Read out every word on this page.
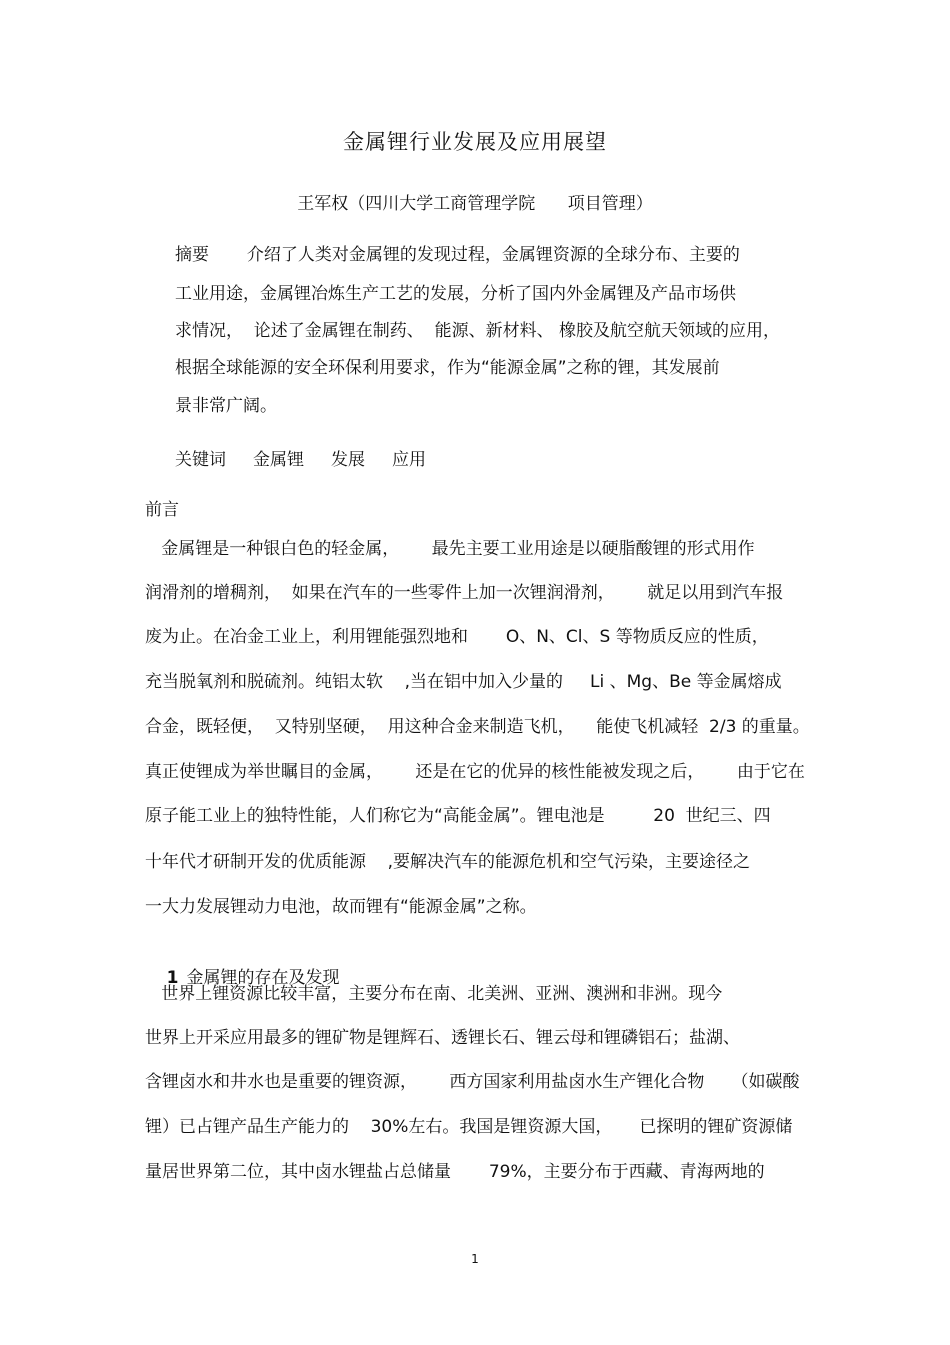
金属锂行业发展及应用展望
王军权（四川大学工商管理学院      项目管理）
摘要       介绍了人类对金属锂的发现过程，金属锂资源的全球分布、主要的
工业用途，金属锂冶炼生产工艺的发展，分析了国内外金属锂及产品市场供
求情况，  论述了金属锂在制药、  能源、新材料、 橡胶及航空航天领域的应用，
根据全球能源的安全环保利用要求，作为“能源金属”之称的锂，其发展前
景非常广阔。
关键词     金属锂     发展     应用
前言
金属锂是一种银白色的轻金属，      最先主要工业用途是以硬脂酸锂的形式用作
润滑剂的增稠剂，  如果在汽车的一些零件上加一次锂润滑剂，      就足以用到汽车报
废为止。在冶金工业上，利用锂能强烈地和       O、N、Cl、S 等物质反应的性质，
充当脱氧剂和脱硫剂。纯铝太软    ,当在铝中加入少量的     Li 、Mg、Be 等金属熔成
合金，既轻便，  又特别坚硬，  用这种合金来制造飞机，    能使飞机减轻  2/3 的重量。
真正使锂成为举世瞩目的金属，      还是在它的优异的核性能被发现之后，      由于它在
原子能工业上的独特性能，人们称它为“高能金属”。锂电池是         20  世纪三、四
十年代才研制开发的优质能源    ,要解决汽车的能源危机和空气污染，主要途径之
一大力发展锂动力电池，故而锂有“能源金属”之称。

1 金属锂的存在及发现

世界上锂资源比较丰富，主要分布在南、北美洲、亚洲、澳洲和非洲。现今
世界上开采应用最多的锂矿物是锂辉石、透锂长石、锂云母和锂磷铝石；盐湖、
含锂卤水和井水也是重要的锂资源，      西方国家利用盐卤水生产锂化合物     （如碳酸
锂）已占锂产品生产能力的    30%左右。我国是锂资源大国，     已探明的锂矿资源储
量居世界第二位，其中卤水锂盐占总储量       79%，主要分布于西藏、青海两地的
1
